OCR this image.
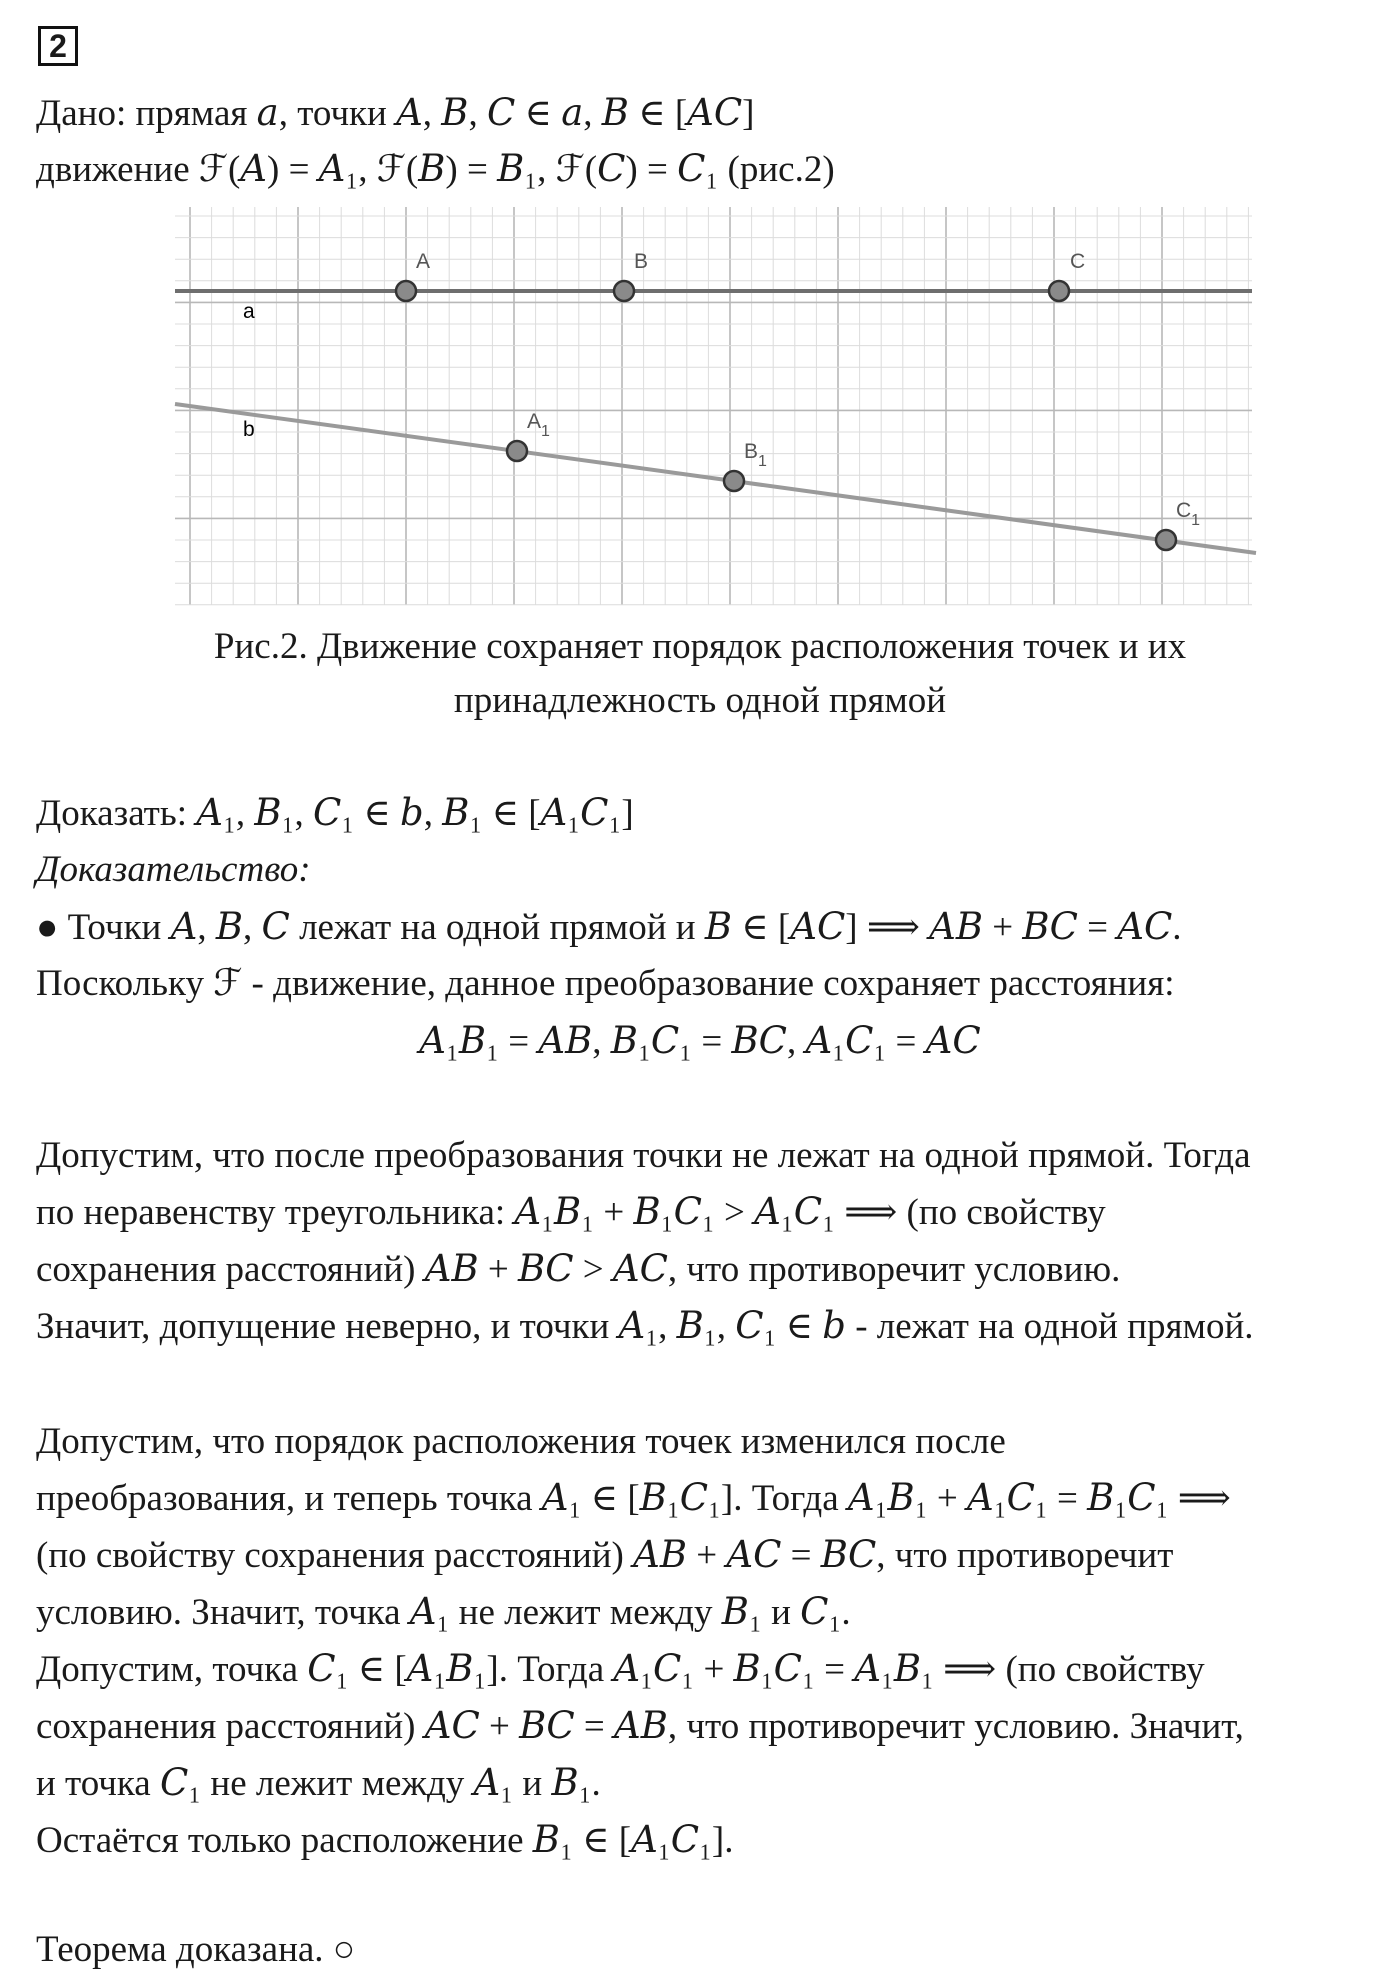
2
Дано: прямая 𝑎, точки 𝐴, 𝐵, 𝐶 ∈ 𝑎, 𝐵 ∈ [𝐴𝐶]
движение ℱ(𝐴) = 𝐴₁, ℱ(𝐵) = 𝐵₁, ℱ(𝐶) = 𝐶₁ (рис.2)
a
b
A	B	C
$A_1$
$B_1$
$C_1$
Рис.2. Движение сохраняет порядок расположения точек и их
принадлежность одной прямой
Доказать: 𝐴₁, 𝐵₁, 𝐶₁ ∈ 𝑏, 𝐵₁ ∈ [𝐴₁𝐶₁]
Доказательство:
● Точки 𝐴, 𝐵, 𝐶 лежат на одной прямой и 𝐵 ∈ [𝐴𝐶] ⟹ 𝐴𝐵 + 𝐵𝐶 = 𝐴𝐶.
Поскольку ℱ - движение, данное преобразование сохраняет расстояния:
𝐴₁𝐵₁ = 𝐴𝐵, 𝐵₁𝐶₁ = 𝐵𝐶, 𝐴₁𝐶₁ = 𝐴𝐶
Допустим, что после преобразования точки не лежат на одной прямой. Тогда
по неравенству треугольника: 𝐴₁𝐵₁ + 𝐵₁𝐶₁ > 𝐴₁𝐶₁ ⟹ (по свойству
сохранения расстояний) 𝐴𝐵 + 𝐵𝐶 > 𝐴𝐶, что противоречит условию.
Значит, допущение неверно, и точки 𝐴₁, 𝐵₁, 𝐶₁ ∈ 𝑏 - лежат на одной прямой.
Допустим, что порядок расположения точек изменился после
преобразования, и теперь точка 𝐴₁ ∈ [𝐵₁𝐶₁]. Тогда 𝐴₁𝐵₁ + 𝐴₁𝐶₁ = 𝐵₁𝐶₁ ⟹
(по свойству сохранения расстояний) 𝐴𝐵 + 𝐴𝐶 = 𝐵𝐶, что противоречит
условию. Значит, точка 𝐴₁ не лежит между 𝐵₁ и 𝐶₁.
Допустим, точка 𝐶₁ ∈ [𝐴₁𝐵₁]. Тогда 𝐴₁𝐶₁ + 𝐵₁𝐶₁ = 𝐴₁𝐵₁ ⟹ (по свойству
сохранения расстояний) 𝐴𝐶 + 𝐵𝐶 = 𝐴𝐵, что противоречит условию. Значит,
и точка 𝐶₁ не лежит между 𝐴₁ и 𝐵₁.
Остаётся только расположение 𝐵₁ ∈ [𝐴₁𝐶₁].
Теорема доказана. ○
